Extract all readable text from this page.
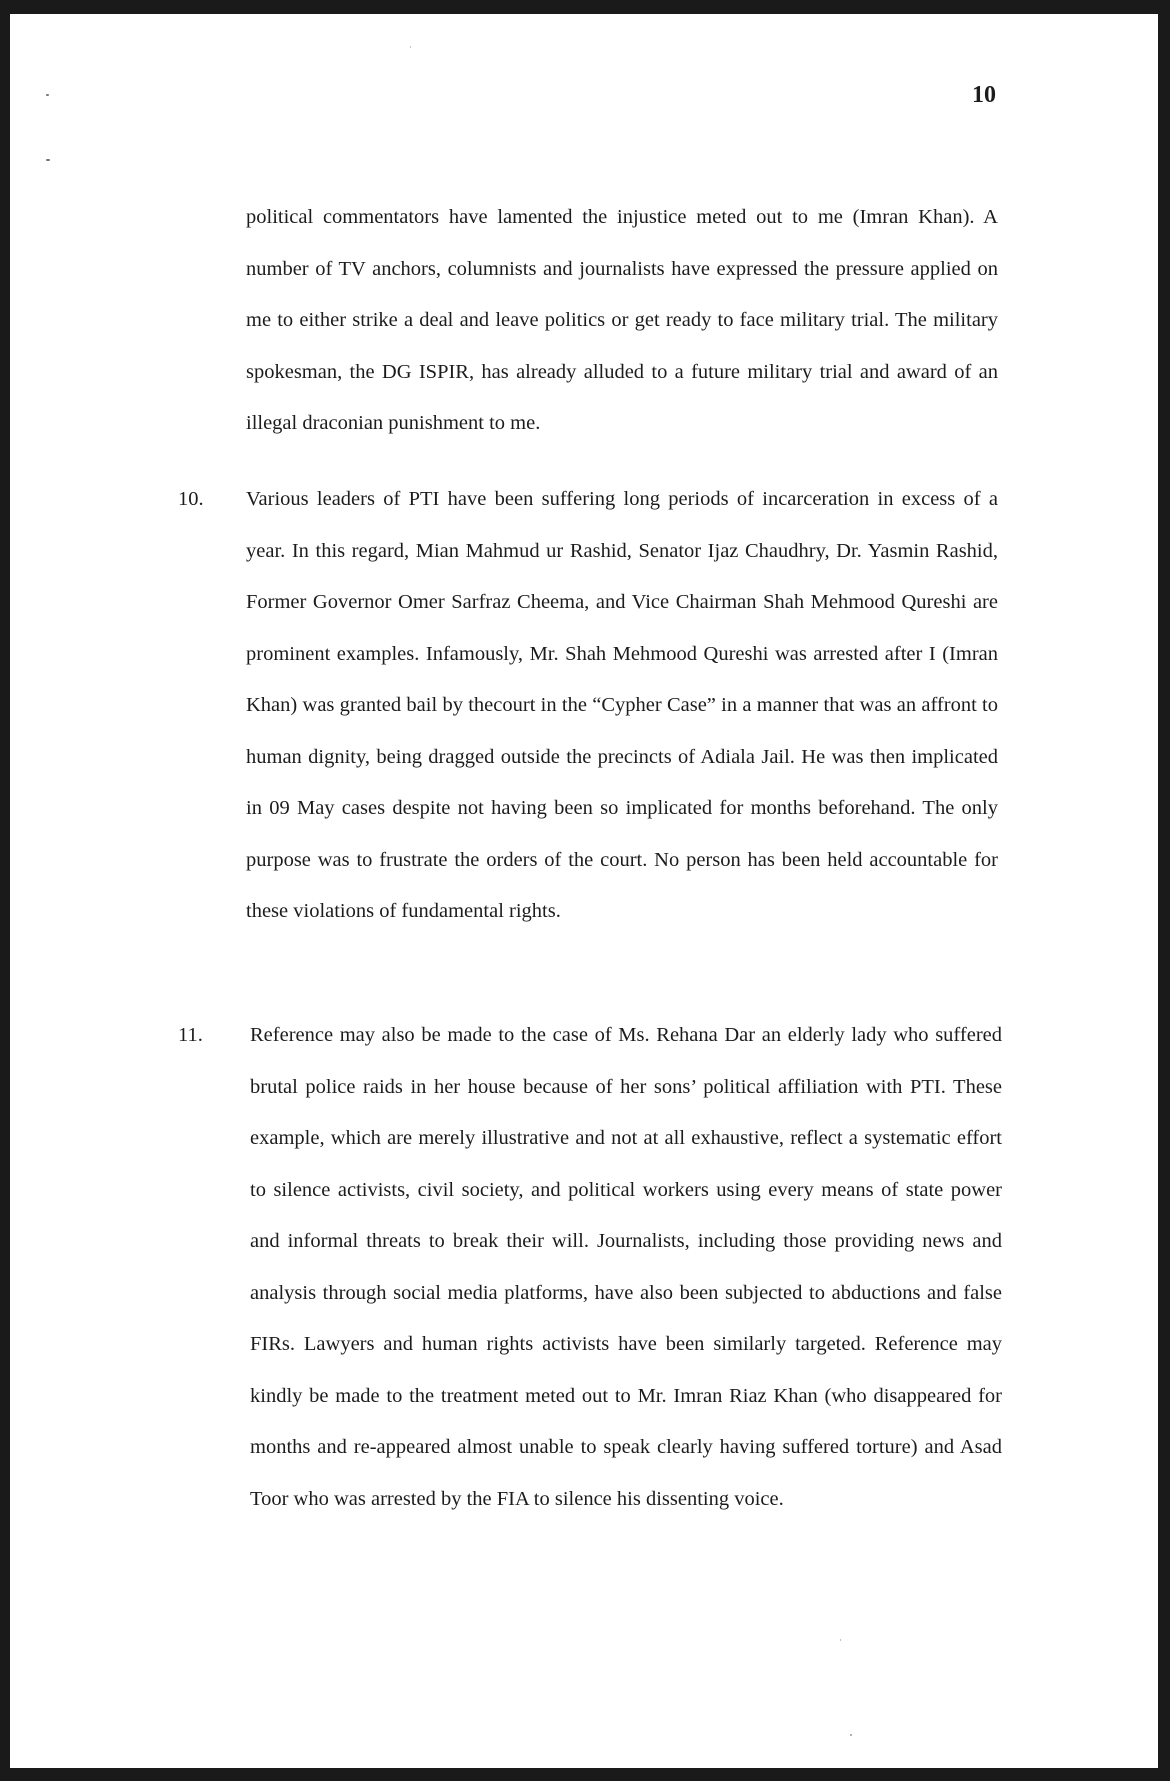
10

political commentators have lamented the injustice meted out to me (Imran Khan). A number of TV anchors, columnists and journalists have expressed the pressure applied on me to either strike a deal and leave politics or get ready to face military trial. The military spokesman, the DG ISPIR, has already alluded to a future military trial and award of an illegal draconian punishment to me.

10. Various leaders of PTI have been suffering long periods of incarceration in excess of a year. In this regard, Mian Mahmud ur Rashid, Senator Ijaz Chaudhry, Dr. Yasmin Rashid, Former Governor Omer Sarfraz Cheema, and Vice Chairman Shah Mehmood Qureshi are prominent examples. Infamously, Mr. Shah Mehmood Qureshi was arrested after I (Imran Khan) was granted bail by thecourt in the “Cypher Case” in a manner that was an affront to human dignity, being dragged outside the precincts of Adiala Jail. He was then implicated in 09 May cases despite not having been so implicated for months beforehand. The only purpose was to frustrate the orders of the court. No person has been held accountable for these violations of fundamental rights.

11. Reference may also be made to the case of Ms. Rehana Dar an elderly lady who suffered brutal police raids in her house because of her sons’ political affiliation with PTI. These example, which are merely illustrative and not at all exhaustive, reflect a systematic effort to silence activists, civil society, and political workers using every means of state power and informal threats to break their will. Journalists, including those providing news and analysis through social media platforms, have also been subjected to abductions and false FIRs. Lawyers and human rights activists have been similarly targeted. Reference may kindly be made to the treatment meted out to Mr. Imran Riaz Khan (who disappeared for months and re-appeared almost unable to speak clearly having suffered torture) and Asad Toor who was arrested by the FIA to silence his dissenting voice.
